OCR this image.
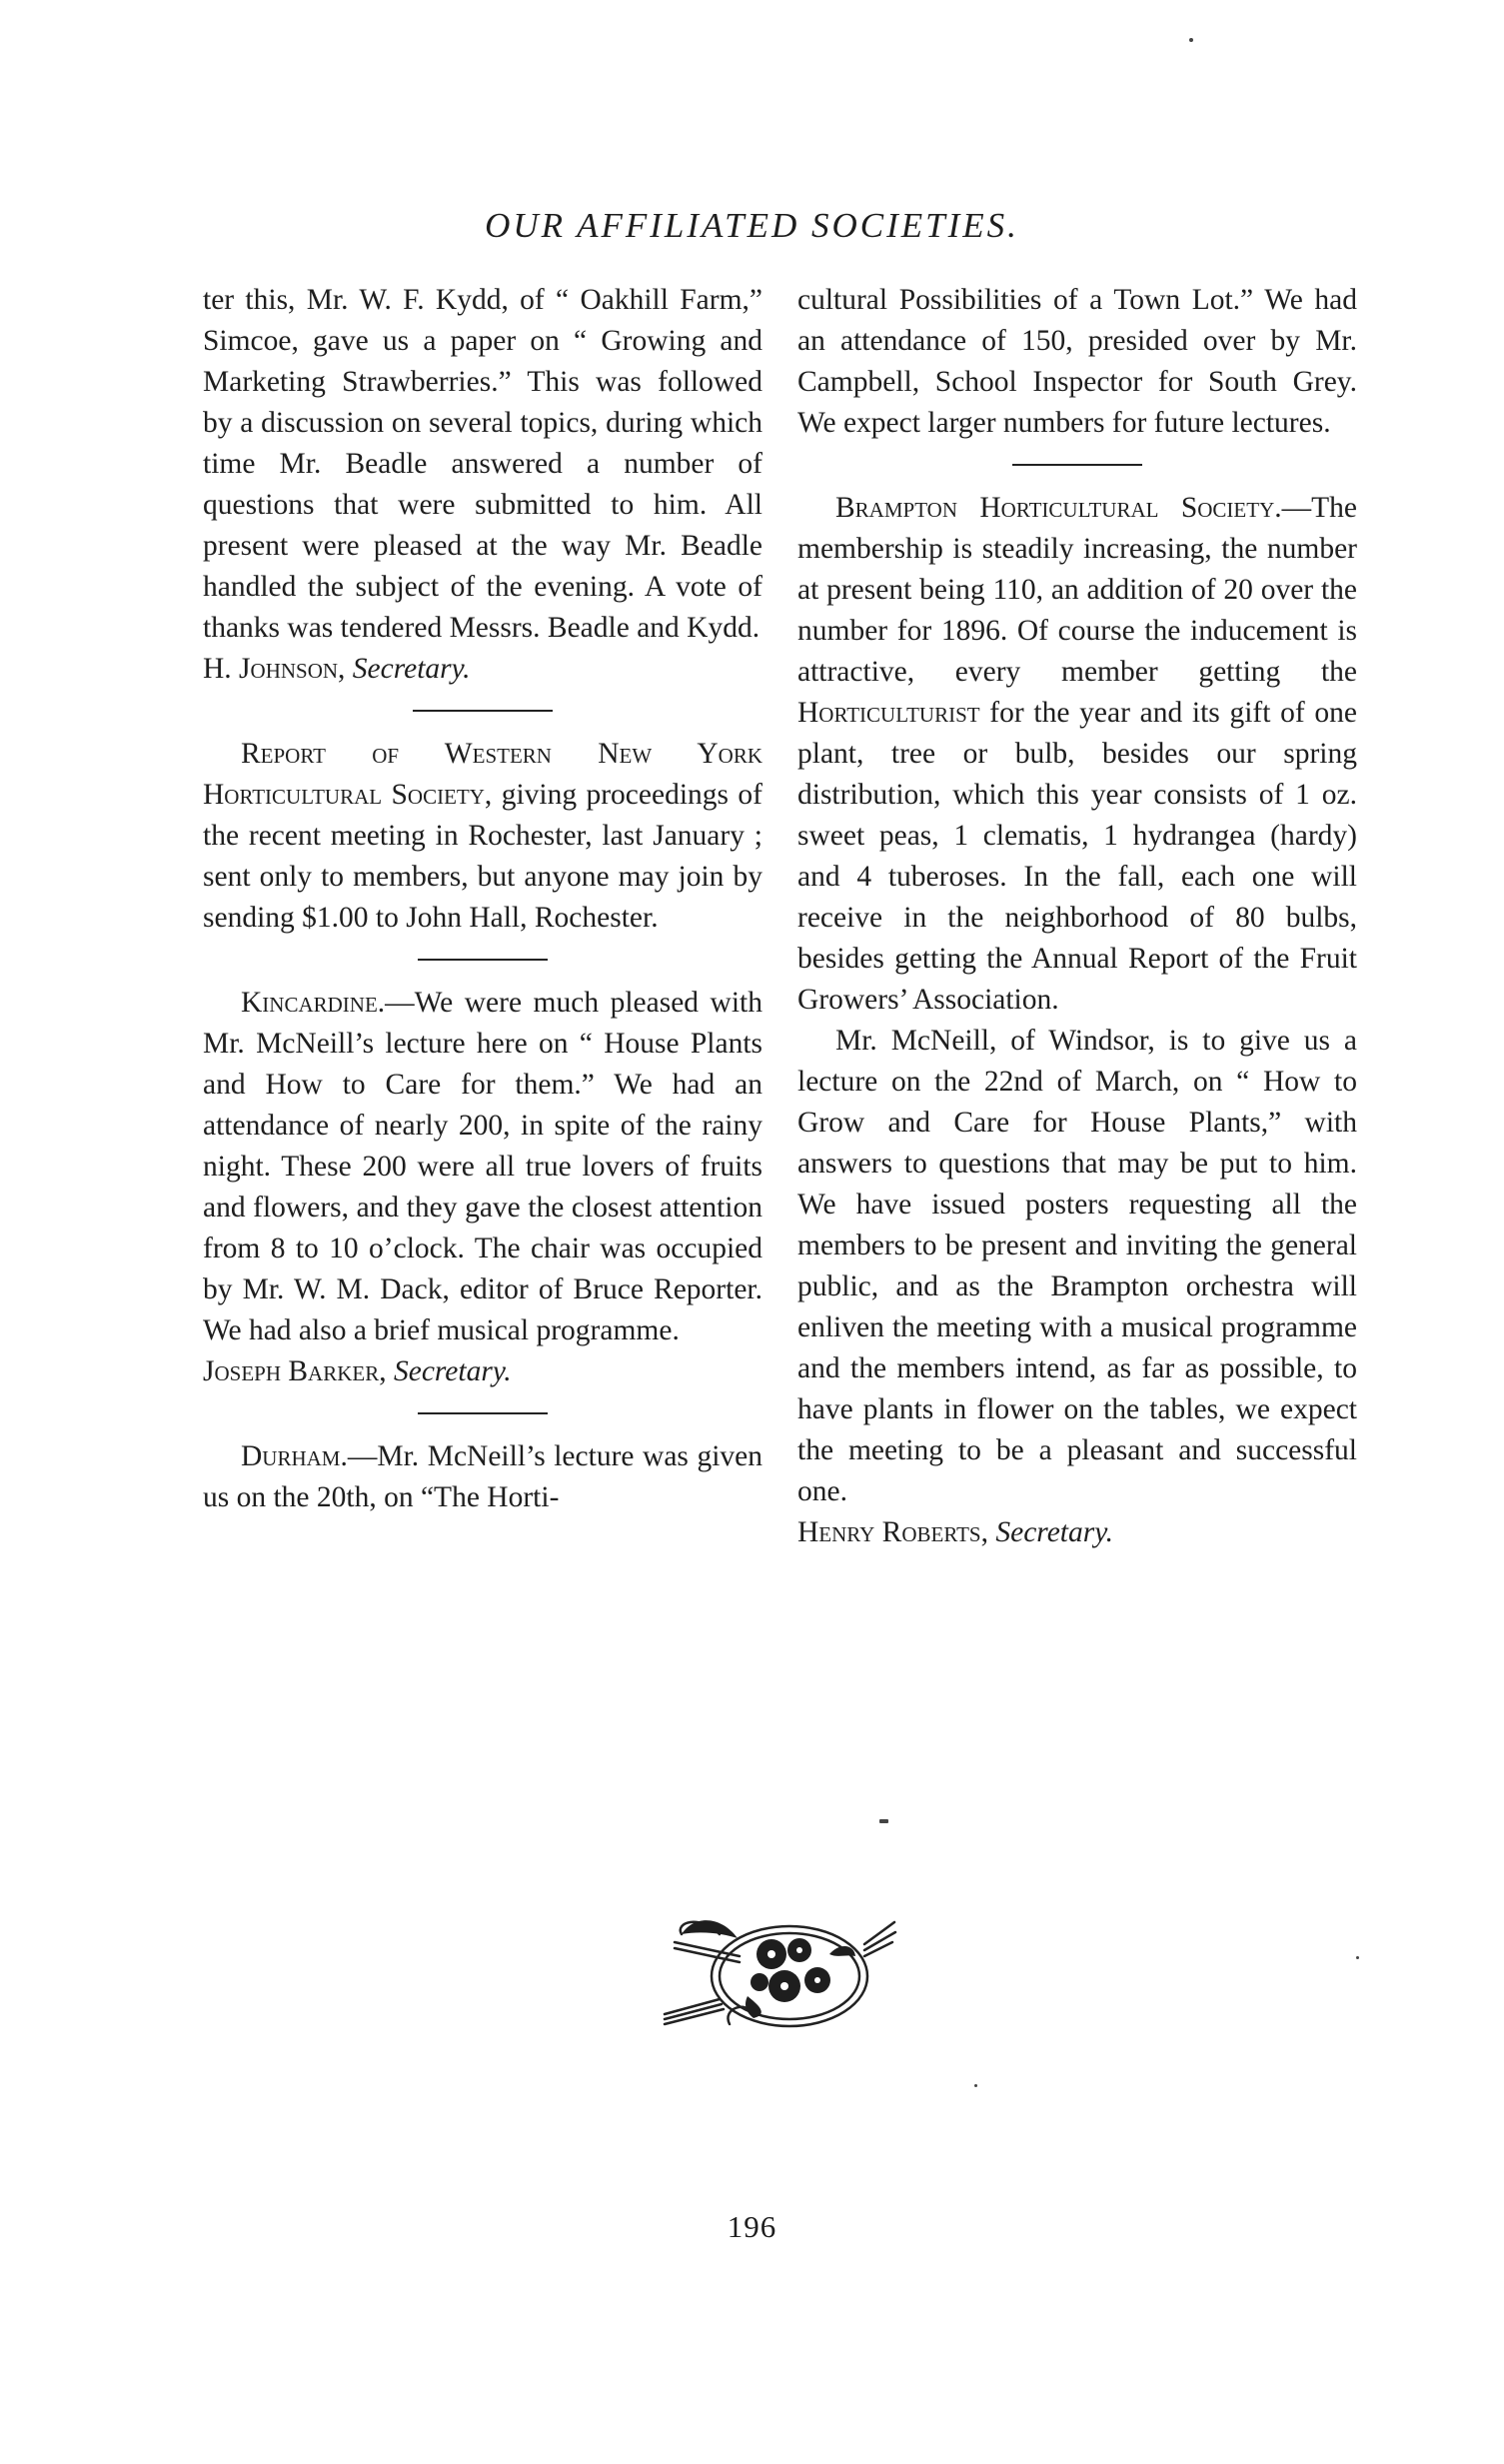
OUR AFFILIATED SOCIETIES.

ter this, Mr. W. F. Kydd, of “ Oakhill Farm,” Simcoe, gave us a paper on “ Growing and Marketing Strawberries.” This was followed by a discussion on several topics, during which time Mr. Beadle answered a number of questions that were submitted to him. All present were pleased at the way Mr. Beadle handled the subject of the evening. A vote of thanks was tendered Messrs. Beadle and Kydd.

H. Johnson, Secretary.

Report of Western New York Horticultural Society, giving proceedings of the recent meeting in Rochester, last January ; sent only to members, but anyone may join by sending $1.00 to John Hall, Rochester.

Kincardine.—We were much pleased with Mr. McNeill’s lecture here on “ House Plants and How to Care for them.” We had an attendance of nearly 200, in spite of the rainy night. These 200 were all true lovers of fruits and flowers, and they gave the closest attention from 8 to 10 o’clock. The chair was occupied by Mr. W. M. Dack, editor of Bruce Reporter. We had also a brief musical programme.

Joseph Barker, Secretary.

Durham.—Mr. McNeill’s lecture was given us on the 20th, on “The Horti-

cultural Possibilities of a Town Lot.” We had an attendance of 150, presided over by Mr. Campbell, School Inspector for South Grey. We expect larger numbers for future lectures.

Brampton Horticultural Society.—The membership is steadily increasing, the number at present being 110, an addition of 20 over the number for 1896. Of course the inducement is attractive, every member getting the Horticulturist for the year and its gift of one plant, tree or bulb, besides our spring distribution, which this year consists of 1 oz. sweet peas, 1 clematis, 1 hydrangea (hardy) and 4 tuberoses. In the fall, each one will receive in the neighborhood of 80 bulbs, besides getting the Annual Report of the Fruit Growers’ Association.

Mr. McNeill, of Windsor, is to give us a lecture on the 22nd of March, on “ How to Grow and Care for House Plants,” with answers to questions that may be put to him. We have issued posters requesting all the members to be present and inviting the general public, and as the Brampton orchestra will enliven the meeting with a musical programme and the members intend, as far as possible, to have plants in flower on the tables, we expect the meeting to be a pleasant and successful one.

Henry Roberts, Secretary.

196
